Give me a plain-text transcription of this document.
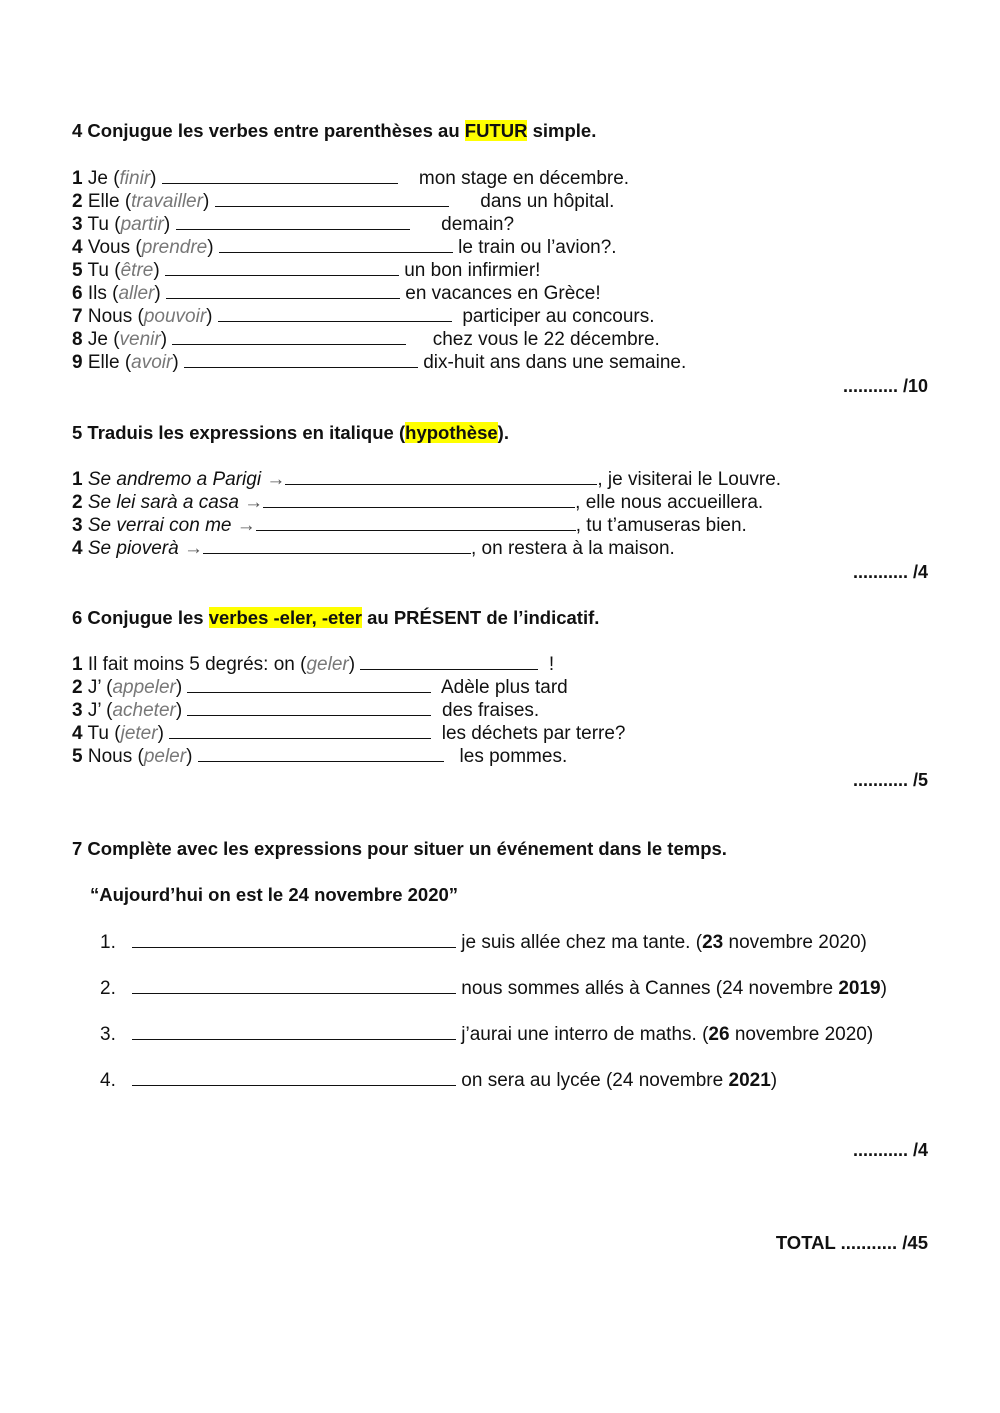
4 Conjugue les verbes entre parenthèses au FUTUR simple.
1 Je (finir)	mon stage en décembre.
2 Elle (travailler)	dans un hôpital.
3 Tu (partir)	demain?
4 Vous (prendre)	le train ou l’avion?.
5 Tu (être)	un bon infirmier!
6 Ils (aller)	en vacances en Grèce!
7 Nous (pouvoir)	participer au concours.
8 Je (venir)	chez vous le 22 décembre.
9 Elle (avoir)	dix-huit ans dans une semaine.
........... /10
5 Traduis les expressions en italique (hypothèse).
1 Se andremo a Parigi →	, je visiterai le Louvre.
2 Se lei sarà a casa →	, elle nous accueillera.
3 Se verrai con me →	, tu t’amuseras bien.
4 Se pioverà →	, on restera à la maison.
........... /4
6 Conjugue les verbes -eler, -eter au PRÉSENT de l’indicatif.
1 Il fait moins 5 degrés: on (geler)	!
2 J’ (appeler)	Adèle plus tard
3 J’ (acheter)	des fraises.
4 Tu (jeter)	les déchets par terre?
5 Nous (peler)	les pommes.
........... /5
7 Complète avec les expressions pour situer un événement dans le temps.
“Aujourd’hui on est le 24 novembre 2020”
1.	je suis allée chez ma tante. (23 novembre 2020)
2.	nous sommes allés à Cannes (24 novembre 2019)
3.	j’aurai une interro de maths. (26 novembre 2020)
4.	on sera au lycée (24 novembre 2021)
........... /4
TOTAL ........... /45
